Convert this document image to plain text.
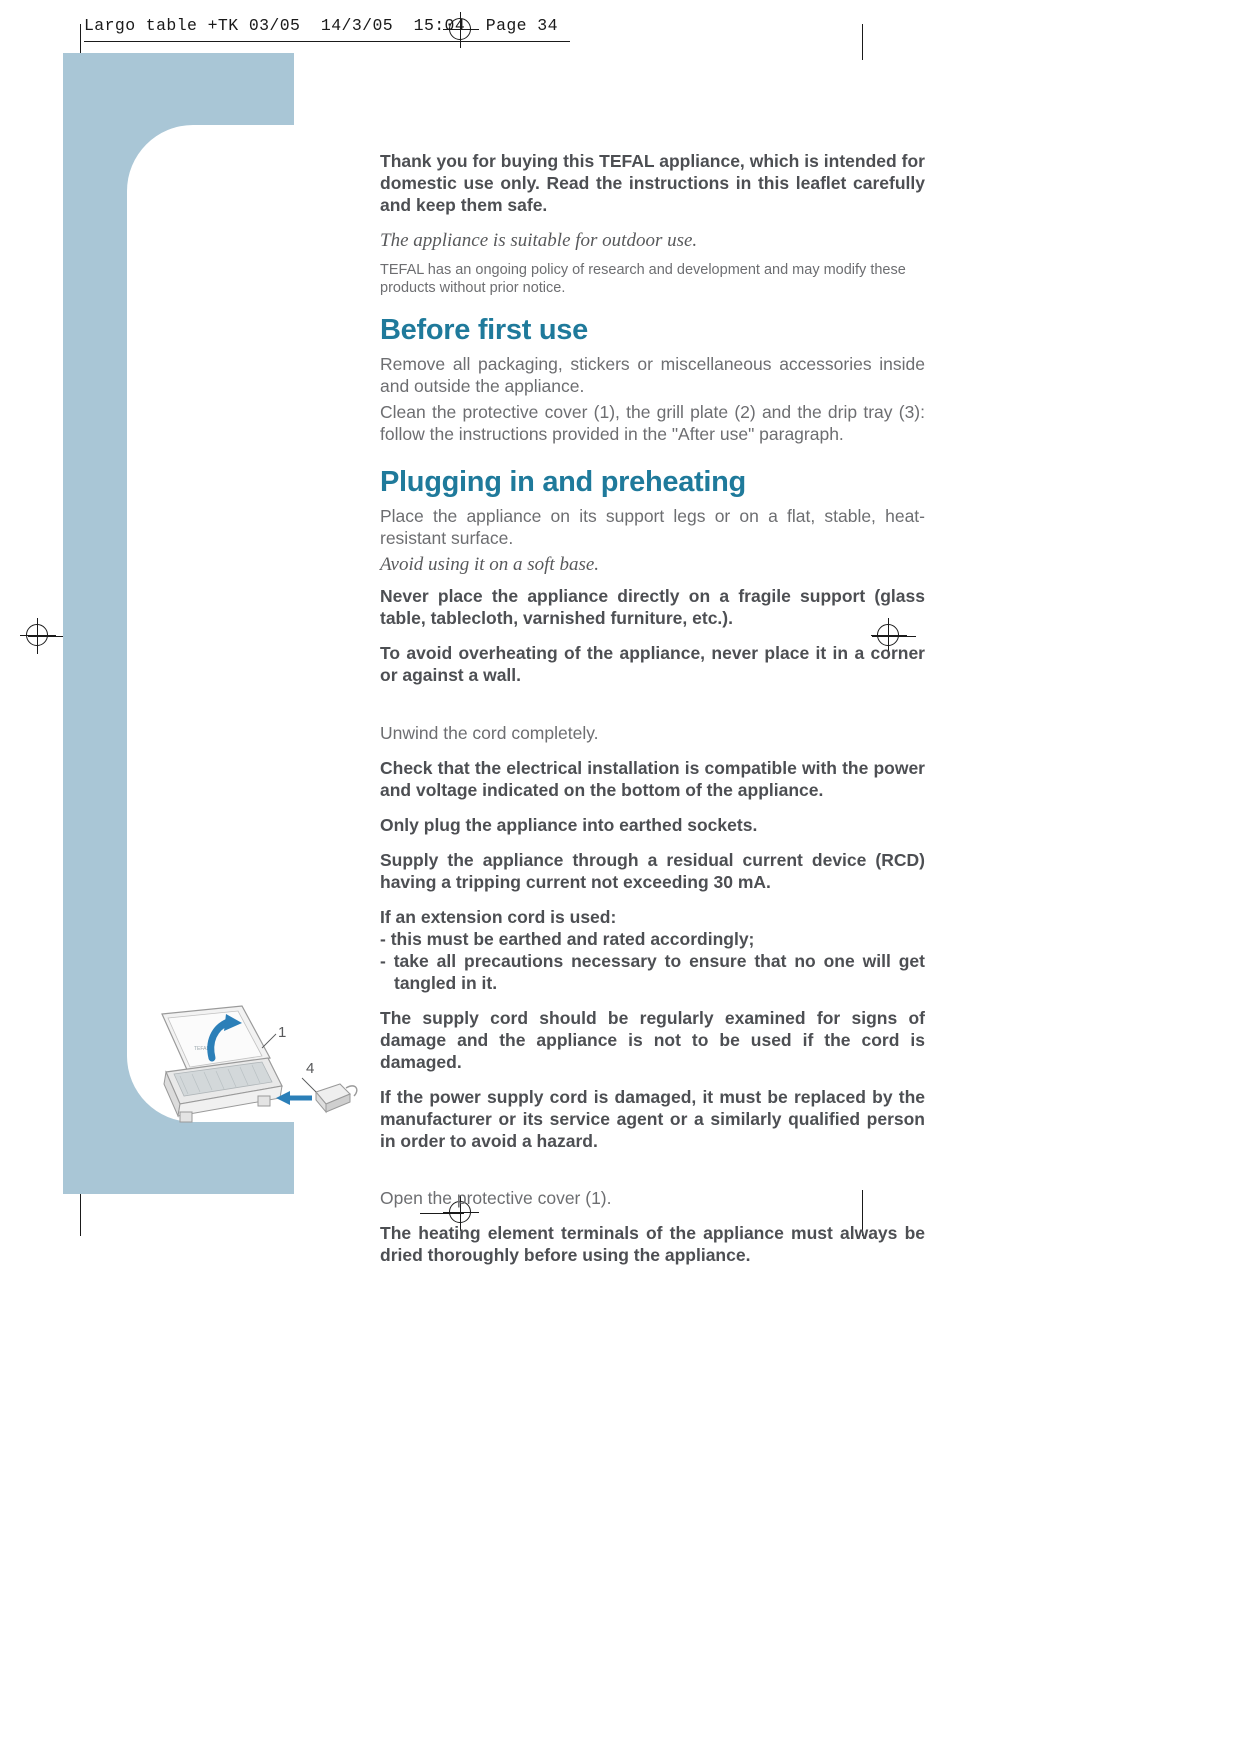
Largo table +TK 03/05  14/3/05  15:04  Page 34

Thank you for buying this TEFAL appliance, which is intended for domestic use only. Read the instructions in this leaflet carefully and keep them safe.

The appliance is suitable for outdoor use.

TEFAL has an ongoing policy of research and development and may modify these products without prior notice.

Before first use

Remove all packaging, stickers or miscellaneous accessories inside and outside the appliance.

Clean the protective cover (1), the grill plate (2) and the drip tray (3): follow the instructions provided in the "After use" paragraph.

Plugging in and preheating

Place the appliance on its support legs or on a flat, stable, heat-resistant surface.

Avoid using it on a soft base.

Never place the appliance directly on a fragile support (glass table, tablecloth, varnished furniture, etc.).

To avoid overheating of the appliance, never place it in a corner or against a wall.

Unwind the cord completely.

Check that the electrical installation is compatible with the power and voltage indicated on the bottom of the appliance.

Only plug the appliance into earthed sockets.

Supply the appliance through a residual current device (RCD) having a tripping current not exceeding 30 mA.

If an extension cord is used:
- this must be earthed and rated accordingly;
- take all precautions necessary to ensure that no one will get tangled in it.

The supply cord should be regularly examined for signs of damage and the appliance is not to be used if the cord is damaged.

If the power supply cord is damaged, it must be replaced by the manufacturer or its service agent or a similarly qualified person in order to avoid a hazard.

Open the protective cover (1).

The heating element terminals of the appliance must always be dried thoroughly before using the appliance.

TEFAL
1
4
